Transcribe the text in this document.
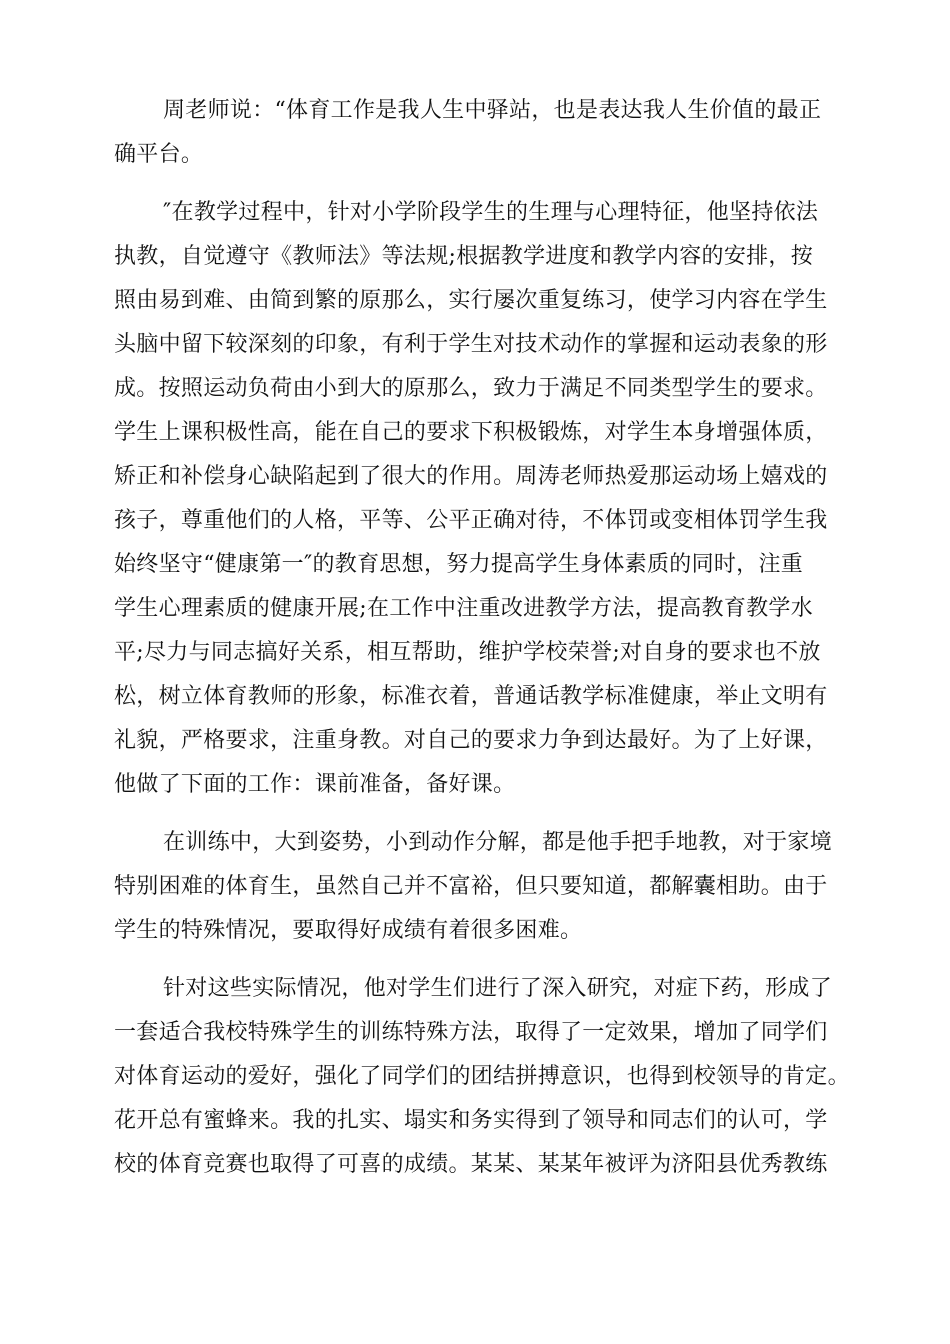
周老师说：“体育工作是我人生中驿站，也是表达我人生价值的最正

确平台。

″在教学过程中，针对小学阶段学生的生理与心理特征，他坚持依法

执教，自觉遵守《教师法》等法规;根据教学进度和教学内容的安排，按

照由易到难、由简到繁的原那么，实行屡次重复练习，使学习内容在学生

头脑中留下较深刻的印象，有利于学生对技术动作的掌握和运动表象的形

成。按照运动负荷由小到大的原那么，致力于满足不同类型学生的要求。

学生上课积极性高，能在自己的要求下积极锻炼，对学生本身增强体质，

矫正和补偿身心缺陷起到了很大的作用。周涛老师热爱那运动场上嬉戏的

孩子，尊重他们的人格，平等、公平正确对待，不体罚或变相体罚学生我

始终坚守“健康第一″的教育思想，努力提高学生身体素质的同时，注重

学生心理素质的健康开展;在工作中注重改进教学方法，提高教育教学水

平;尽力与同志搞好关系，相互帮助，维护学校荣誉;对自身的要求也不放

松，树立体育教师的形象，标准衣着，普通话教学标准健康，举止文明有

礼貌，严格要求，注重身教。对自己的要求力争到达最好。为了上好课，

他做了下面的工作：课前准备，备好课。

在训练中，大到姿势，小到动作分解，都是他手把手地教，对于家境

特别困难的体育生，虽然自己并不富裕，但只要知道，都解囊相助。由于

学生的特殊情况，要取得好成绩有着很多困难。

针对这些实际情况，他对学生们进行了深入研究，对症下药，形成了

一套适合我校特殊学生的训练特殊方法，取得了一定效果，增加了同学们

对体育运动的爱好，强化了同学们的团结拼搏意识，也得到校领导的肯定。

花开总有蜜蜂来。我的扎实、塌实和务实得到了领导和同志们的认可，学

校的体育竞赛也取得了可喜的成绩。某某、某某年被评为济阳县优秀教练
